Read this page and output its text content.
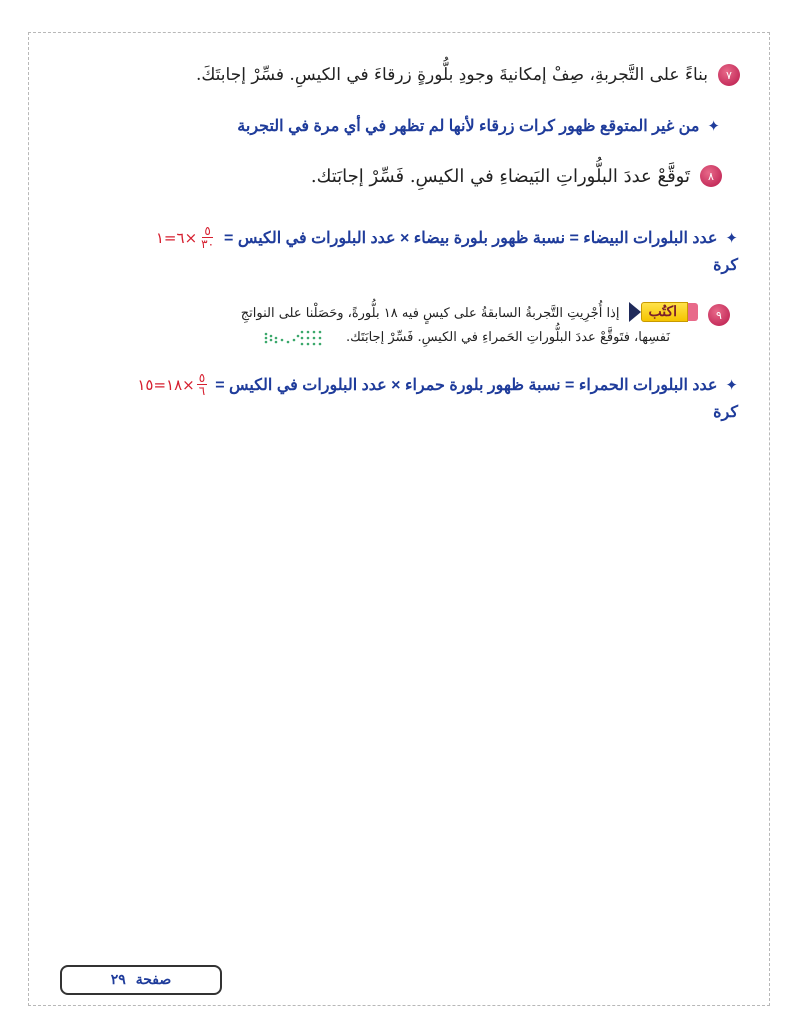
٧
بناءً على التَّجربةِ، صِفْ إمكانيةَ وجودِ بلُّورةٍ زرقاءَ في الكيسِ. فسِّرْ إجابتَكَ.
✦
من غير المتوقع ظهور كرات زرقاء لأنها لم تظهر في أي مرة في التجربة
٨
تَوقَّعْ عددَ البلُّوراتِ البَيضاءِ في الكيسِ. فَسِّرْ إجابَتك.
✦
عدد البلورات البيضاء = نسبة ظهور بلورة بيضاء × عدد البلورات في الكيس =
١ = ٦ × $\frac{٥}{٣٠}$
كرة
٩
اكتُب
إذا أُجْرِيتِ التَّجربةُ السابقةُ على كيسٍ فيه ١٨ بلُّورةً، وحَصَلْنا على النواتجِ
نَفسِها، فتَوقَّعْ عددَ البلُّوراتِ الحَمراءِ في الكيسِ. فَسِّرْ إجابَتَك.
✦
عدد البلورات الحمراء = نسبة ظهور بلورة حمراء × عدد البلورات في الكيس =
١٥ = ١٨ × $\frac{٥}{٦}$
كرة
صفحة
٢٩
